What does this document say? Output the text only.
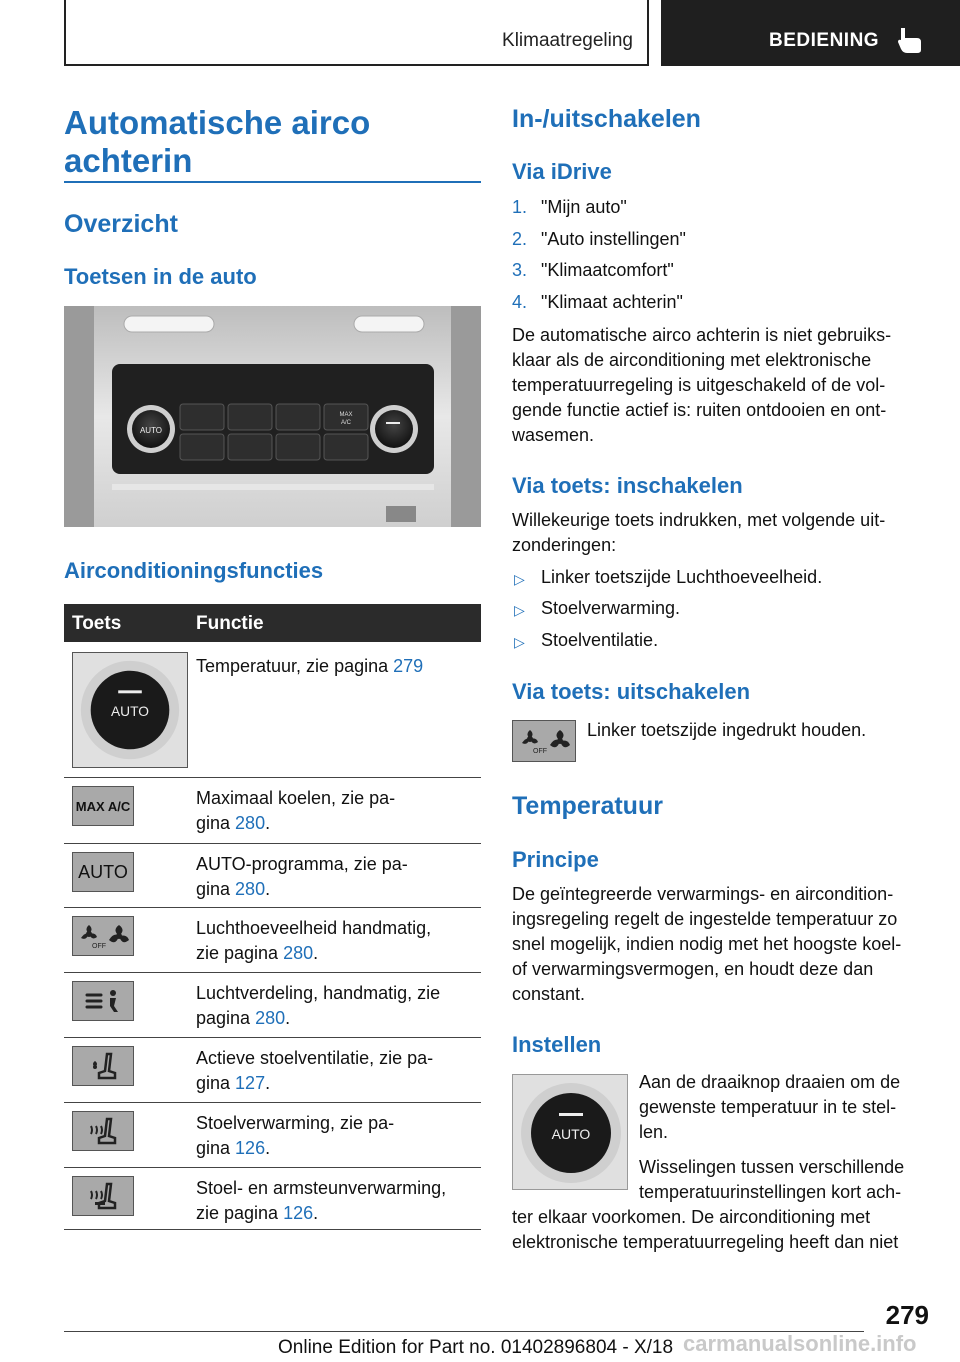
Klimaatregeling	BEDIENING
Automatische airco achterin
Overzicht
Toetsen in de auto
AUTO
MAX
A/C
Airconditioningsfuncties
Toets	Functie
AUTO
Temperatuur, zie pagina 279
MAX A/C	Maximaal koelen, zie pa-
gina 280.
AUTO	AUTO-programma, zie pa-
gina 280.
OFF
Luchthoeveelheid handmatig,
zie pagina 280.
Luchtverdeling, handmatig, zie
pagina 280.
Actieve stoelventilatie, zie pa-
gina 127.
Stoelverwarming, zie pa-
gina 126.
Stoel- en armsteunverwarming,
zie pagina 126.
In-/uitschakelen
Via iDrive
1. "Mijn auto"
2. "Auto instellingen"
3. "Klimaatcomfort"
4. "Klimaat achterin"
De automatische airco achterin is niet gebruiks-
klaar als de airconditioning met elektronische
temperatuurregeling is uitgeschakeld of de vol-
gende functie actief is: ruiten ontdooien en ont-
wasemen.
Via toets: inschakelen
Willekeurige toets indrukken, met volgende uit-
zonderingen:
▷ Linker toetszijde Luchthoeveelheid.
▷ Stoelverwarming.
▷ Stoelventilatie.
Via toets: uitschakelen
OFF
Linker toetszijde ingedrukt houden.
Temperatuur
Principe
De geïntegreerde verwarmings- en aircondition-
ingsregeling regelt de ingestelde temperatuur zo
snel mogelijk, indien nodig met het hoogste koel-
of verwarmingsvermogen, en houdt deze dan
constant.
Instellen
AUTO
Aan de draaiknop draaien om de
gewenste temperatuur in te stel-
len.
Wisselingen tussen verschillende
temperatuurinstellingen kort ach-
ter elkaar voorkomen. De airconditioning met
elektronische temperatuurregeling heeft dan niet
279
Online Edition for Part no. 01402896804 - X/18 carmanualsonline.info
